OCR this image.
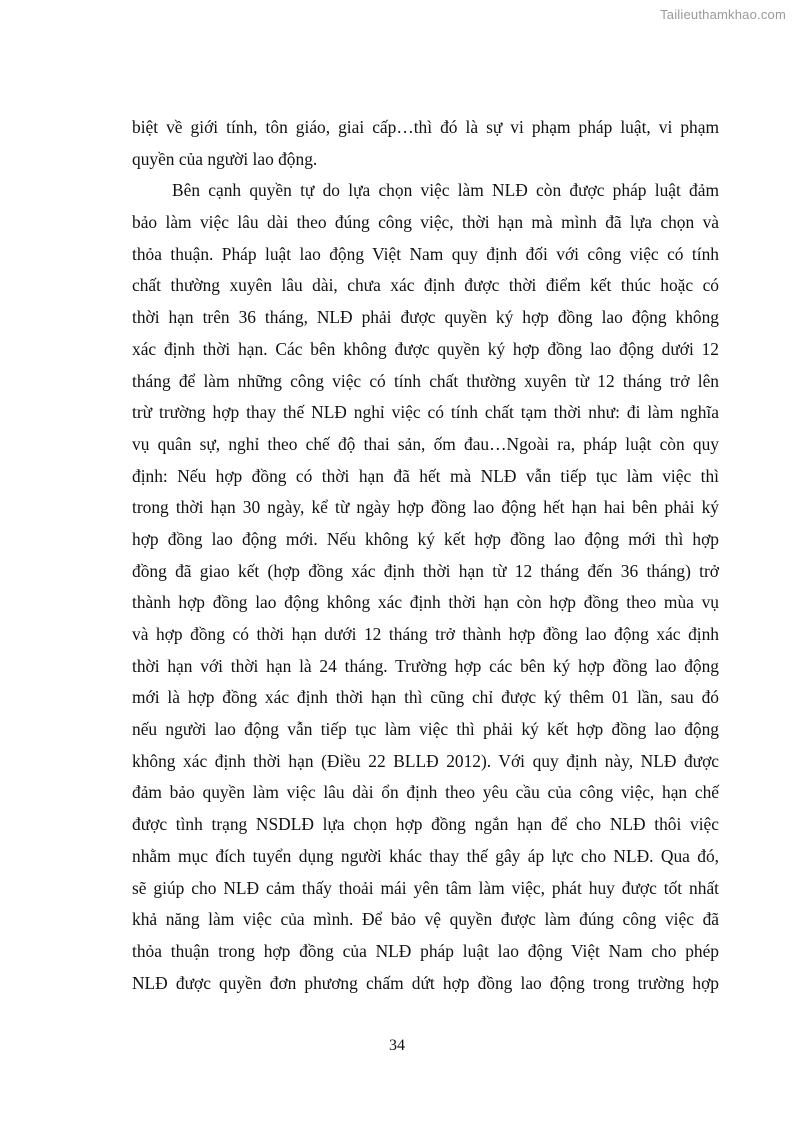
Tailieuthamkhao.com
biệt về giới tính, tôn giáo, giai cấp…thì đó là sự vi phạm pháp luật, vi phạm
quyền của người lao động.
Bên cạnh quyền tự do lựa chọn việc làm NLĐ còn được pháp luật đảm
bảo làm việc lâu dài theo đúng công việc, thời hạn mà mình đã lựa chọn và
thỏa thuận. Pháp luật lao động Việt Nam quy định đối với công việc có tính
chất thường xuyên lâu dài, chưa xác định được thời điểm kết thúc hoặc có
thời hạn trên 36 tháng, NLĐ phải được quyền ký hợp đồng lao động không
xác định thời hạn. Các bên không được quyền ký hợp đồng lao động dưới 12
tháng để làm những công việc có tính chất thường xuyên từ 12 tháng trở lên
trừ trường hợp thay thế NLĐ nghỉ việc có tính chất tạm thời như: đi làm nghĩa
vụ quân sự, nghỉ theo chế độ thai sản, ốm đau…Ngoài ra, pháp luật còn quy
định: Nếu hợp đồng có thời hạn đã hết mà NLĐ vẫn tiếp tục làm việc thì
trong thời hạn 30 ngày, kể từ ngày hợp đồng lao động hết hạn hai bên phải ký
hợp đồng lao động mới. Nếu không ký kết hợp đồng lao động mới thì hợp
đồng đã giao kết (hợp đồng xác định thời hạn từ 12 tháng đến 36 tháng) trở
thành hợp đồng lao động không xác định thời hạn còn hợp đồng theo mùa vụ
và hợp đồng có thời hạn dưới 12 tháng trở thành hợp đồng lao động xác định
thời hạn với thời hạn là 24 tháng. Trường hợp các bên ký hợp đồng lao động
mới là hợp đồng xác định thời hạn thì cũng chỉ được ký thêm 01 lần, sau đó
nếu người lao động vẫn tiếp tục làm việc thì phải ký kết hợp đồng lao động
không xác định thời hạn (Điều 22 BLLĐ 2012). Với quy định này, NLĐ được
đảm bảo quyền làm việc lâu dài ổn định theo yêu cầu của công việc, hạn chế
được tình trạng NSDLĐ lựa chọn hợp đồng ngắn hạn để cho NLĐ thôi việc
nhằm mục đích tuyển dụng người khác thay thế gây áp lực cho NLĐ. Qua đó,
sẽ giúp cho NLĐ cảm thấy thoải mái yên tâm làm việc, phát huy được tốt nhất
khả năng làm việc của mình. Để bảo vệ quyền được làm đúng công việc đã
thỏa thuận trong hợp đồng của NLĐ pháp luật lao động Việt Nam cho phép
NLĐ được quyền đơn phương chấm dứt hợp đồng lao động trong trường hợp
34
